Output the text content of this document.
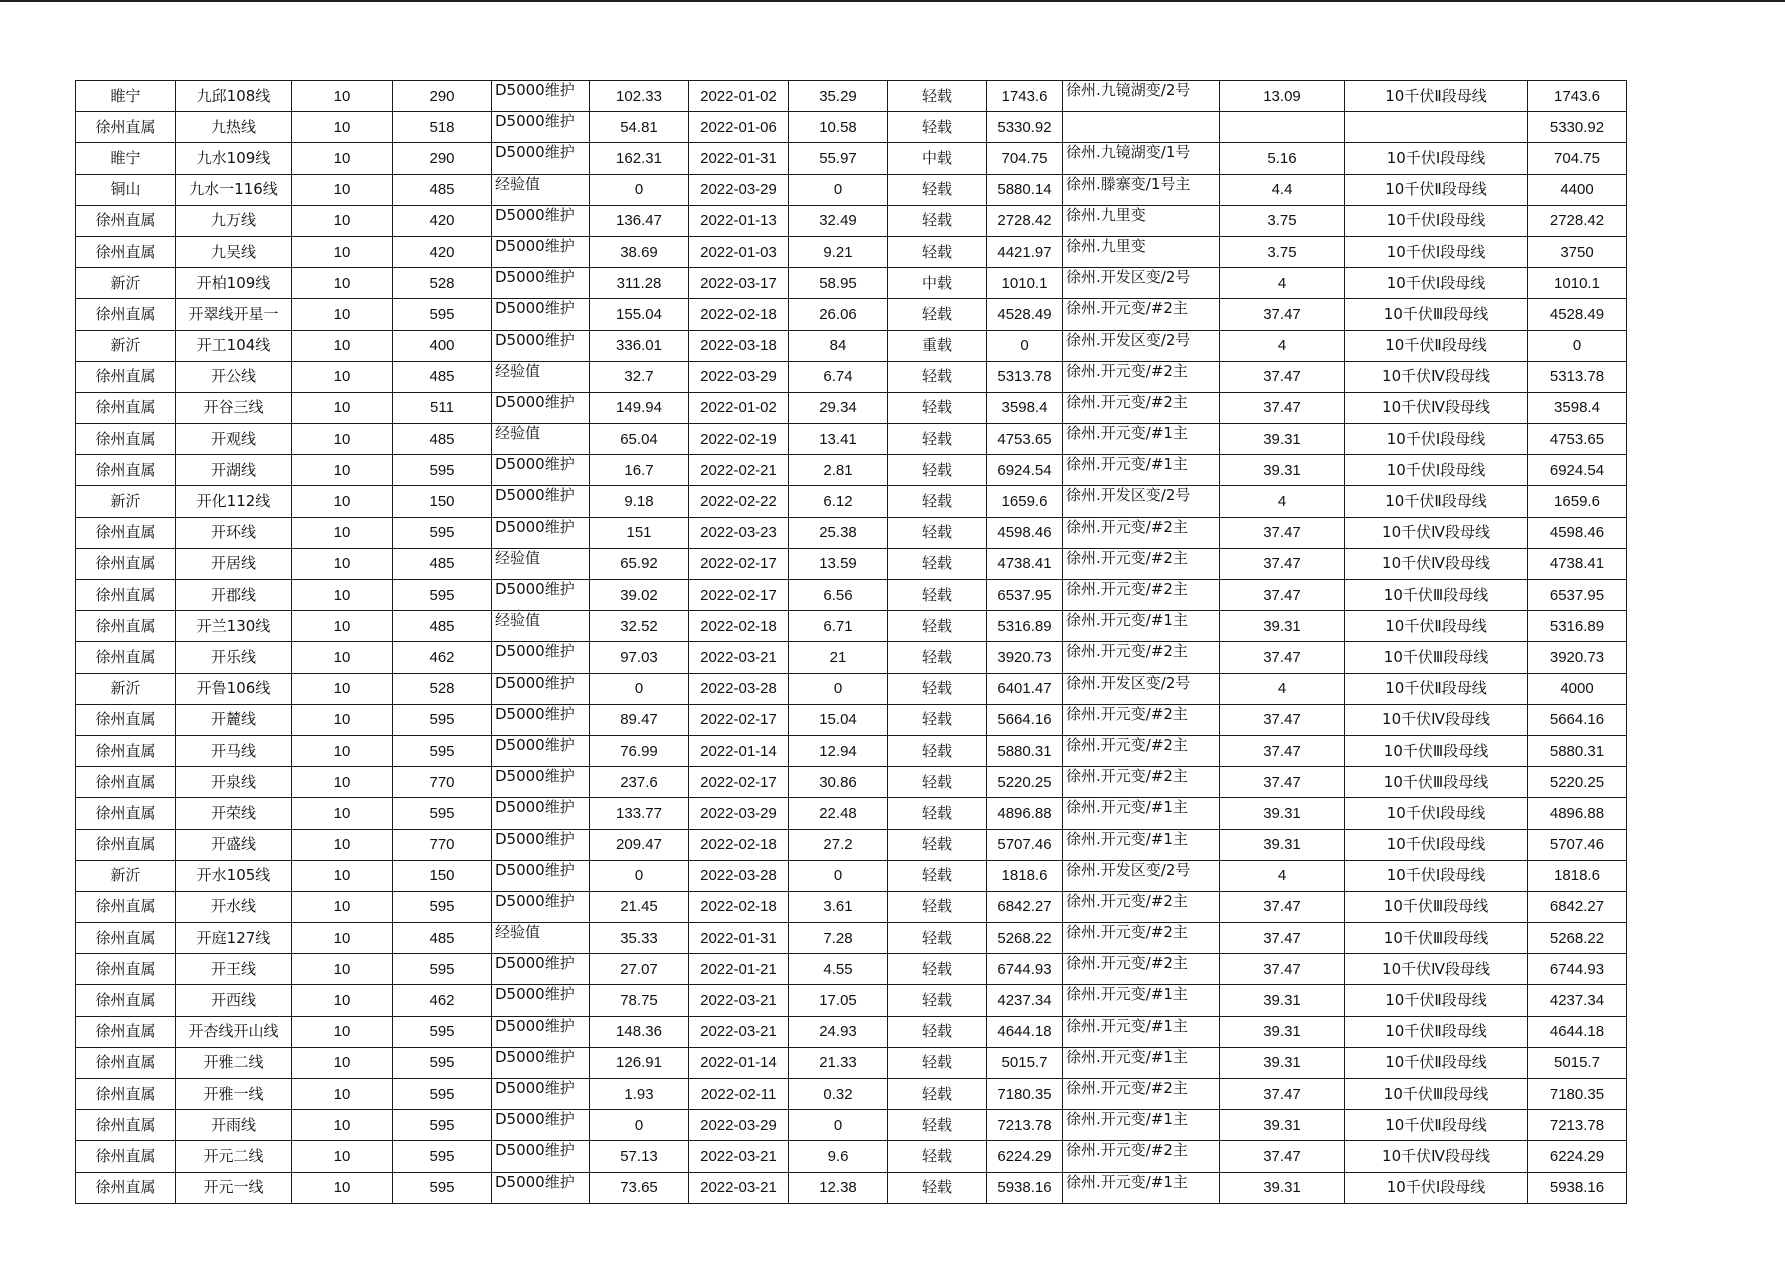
睢宁	九邱108线	10	290	D5000维护	102.33	2022-01-02	35.29	轻载	1743.6	徐州.九镜湖变/2号	13.09	10千伏Ⅱ段母线	1743.6
徐州直属	九热线	10	518	D5000维护	54.81	2022-01-06	10.58	轻载	5330.92				5330.92
睢宁	九水109线	10	290	D5000维护	162.31	2022-01-31	55.97	中载	704.75	徐州.九镜湖变/1号	5.16	10千伏Ⅰ段母线	704.75
铜山	九水一116线	10	485	经验值	0	2022-03-29	0	轻载	5880.14	徐州.滕寨变/1号主	4.4	10千伏Ⅱ段母线	4400
徐州直属	九万线	10	420	D5000维护	136.47	2022-01-13	32.49	轻载	2728.42	徐州.九里变	3.75	10千伏Ⅰ段母线	2728.42
徐州直属	九吴线	10	420	D5000维护	38.69	2022-01-03	9.21	轻载	4421.97	徐州.九里变	3.75	10千伏Ⅰ段母线	3750
新沂	开柏109线	10	528	D5000维护	311.28	2022-03-17	58.95	中载	1010.1	徐州.开发区变/2号	4	10千伏Ⅰ段母线	1010.1
徐州直属	开翠线开星一	10	595	D5000维护	155.04	2022-02-18	26.06	轻载	4528.49	徐州.开元变/#2主	37.47	10千伏Ⅲ段母线	4528.49
新沂	开工104线	10	400	D5000维护	336.01	2022-03-18	84	重载	0	徐州.开发区变/2号	4	10千伏Ⅱ段母线	0
徐州直属	开公线	10	485	经验值	32.7	2022-03-29	6.74	轻载	5313.78	徐州.开元变/#2主	37.47	10千伏Ⅳ段母线	5313.78
徐州直属	开谷三线	10	511	D5000维护	149.94	2022-01-02	29.34	轻载	3598.4	徐州.开元变/#2主	37.47	10千伏Ⅳ段母线	3598.4
徐州直属	开观线	10	485	经验值	65.04	2022-02-19	13.41	轻载	4753.65	徐州.开元变/#1主	39.31	10千伏Ⅰ段母线	4753.65
徐州直属	开湖线	10	595	D5000维护	16.7	2022-02-21	2.81	轻载	6924.54	徐州.开元变/#1主	39.31	10千伏Ⅰ段母线	6924.54
新沂	开化112线	10	150	D5000维护	9.18	2022-02-22	6.12	轻载	1659.6	徐州.开发区变/2号	4	10千伏Ⅱ段母线	1659.6
徐州直属	开环线	10	595	D5000维护	151	2022-03-23	25.38	轻载	4598.46	徐州.开元变/#2主	37.47	10千伏Ⅳ段母线	4598.46
徐州直属	开居线	10	485	经验值	65.92	2022-02-17	13.59	轻载	4738.41	徐州.开元变/#2主	37.47	10千伏Ⅳ段母线	4738.41
徐州直属	开郡线	10	595	D5000维护	39.02	2022-02-17	6.56	轻载	6537.95	徐州.开元变/#2主	37.47	10千伏Ⅲ段母线	6537.95
徐州直属	开兰130线	10	485	经验值	32.52	2022-02-18	6.71	轻载	5316.89	徐州.开元变/#1主	39.31	10千伏Ⅱ段母线	5316.89
徐州直属	开乐线	10	462	D5000维护	97.03	2022-03-21	21	轻载	3920.73	徐州.开元变/#2主	37.47	10千伏Ⅲ段母线	3920.73
新沂	开鲁106线	10	528	D5000维护	0	2022-03-28	0	轻载	6401.47	徐州.开发区变/2号	4	10千伏Ⅱ段母线	4000
徐州直属	开麓线	10	595	D5000维护	89.47	2022-02-17	15.04	轻载	5664.16	徐州.开元变/#2主	37.47	10千伏Ⅳ段母线	5664.16
徐州直属	开马线	10	595	D5000维护	76.99	2022-01-14	12.94	轻载	5880.31	徐州.开元变/#2主	37.47	10千伏Ⅲ段母线	5880.31
徐州直属	开泉线	10	770	D5000维护	237.6	2022-02-17	30.86	轻载	5220.25	徐州.开元变/#2主	37.47	10千伏Ⅲ段母线	5220.25
徐州直属	开荣线	10	595	D5000维护	133.77	2022-03-29	22.48	轻载	4896.88	徐州.开元变/#1主	39.31	10千伏Ⅰ段母线	4896.88
徐州直属	开盛线	10	770	D5000维护	209.47	2022-02-18	27.2	轻载	5707.46	徐州.开元变/#1主	39.31	10千伏Ⅰ段母线	5707.46
新沂	开水105线	10	150	D5000维护	0	2022-03-28	0	轻载	1818.6	徐州.开发区变/2号	4	10千伏Ⅰ段母线	1818.6
徐州直属	开水线	10	595	D5000维护	21.45	2022-02-18	3.61	轻载	6842.27	徐州.开元变/#2主	37.47	10千伏Ⅲ段母线	6842.27
徐州直属	开庭127线	10	485	经验值	35.33	2022-01-31	7.28	轻载	5268.22	徐州.开元变/#2主	37.47	10千伏Ⅲ段母线	5268.22
徐州直属	开王线	10	595	D5000维护	27.07	2022-01-21	4.55	轻载	6744.93	徐州.开元变/#2主	37.47	10千伏Ⅳ段母线	6744.93
徐州直属	开西线	10	462	D5000维护	78.75	2022-03-21	17.05	轻载	4237.34	徐州.开元变/#1主	39.31	10千伏Ⅱ段母线	4237.34
徐州直属	开杏线开山线	10	595	D5000维护	148.36	2022-03-21	24.93	轻载	4644.18	徐州.开元变/#1主	39.31	10千伏Ⅱ段母线	4644.18
徐州直属	开雅二线	10	595	D5000维护	126.91	2022-01-14	21.33	轻载	5015.7	徐州.开元变/#1主	39.31	10千伏Ⅱ段母线	5015.7
徐州直属	开雅一线	10	595	D5000维护	1.93	2022-02-11	0.32	轻载	7180.35	徐州.开元变/#2主	37.47	10千伏Ⅲ段母线	7180.35
徐州直属	开雨线	10	595	D5000维护	0	2022-03-29	0	轻载	7213.78	徐州.开元变/#1主	39.31	10千伏Ⅱ段母线	7213.78
徐州直属	开元二线	10	595	D5000维护	57.13	2022-03-21	9.6	轻载	6224.29	徐州.开元变/#2主	37.47	10千伏Ⅳ段母线	6224.29
徐州直属	开元一线	10	595	D5000维护	73.65	2022-03-21	12.38	轻载	5938.16	徐州.开元变/#1主	39.31	10千伏Ⅰ段母线	5938.16
